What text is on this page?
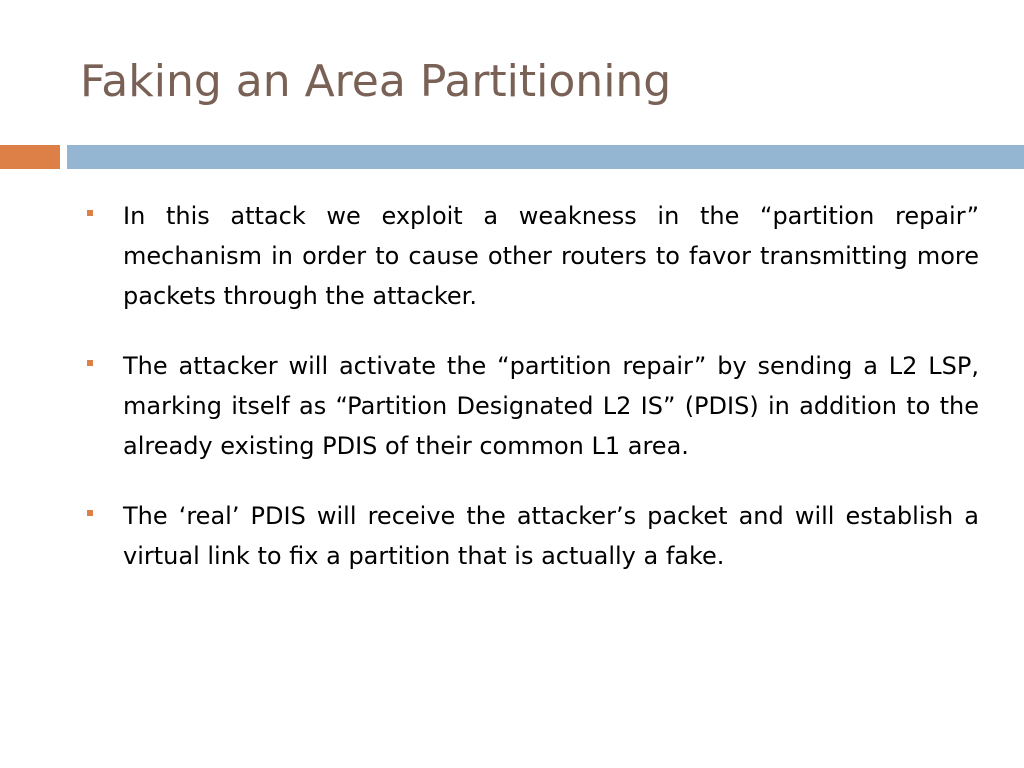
Faking an Area Partitioning

In this attack we exploit a weakness in the “partition repair” mechanism in order to cause other routers to favor transmitting more packets through the attacker.

The attacker will activate the “partition repair” by sending a L2 LSP, marking itself as “Partition Designated L2 IS” (PDIS) in addition to the already existing PDIS of their common L1 area.

The ‘real’ PDIS will receive the attacker’s packet and will establish a virtual link to fix a partition that is actually a fake.
